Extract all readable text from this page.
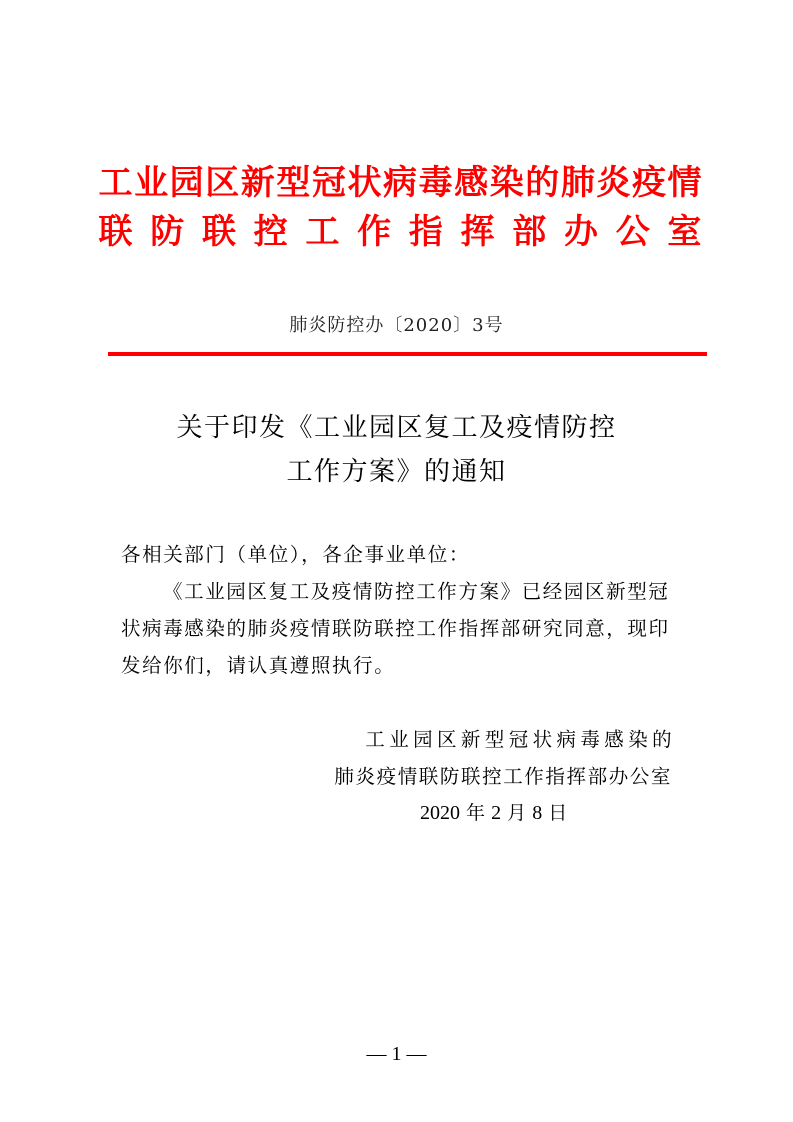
工 业 园 区 新 型 冠 状 病 毒 感 染 的 肺 炎 疫 情
联 防 联 控 工 作 指 挥 部 办 公 室
肺炎防控办〔2020〕3号
关于印发《工业园区复工及疫情防控
工作方案》的通知
各相关部门（单位），各企事业单位：
《工业园区复工及疫情防控工作方案》已经园区新型冠状病毒感染的肺炎疫情联防联控工作指挥部研究同意，现印发给你们，请认真遵照执行。
工业园区新型冠状病毒感染的
肺炎疫情联防联控工作指挥部办公室
2020 年 2 月 8 日
— 1 —
